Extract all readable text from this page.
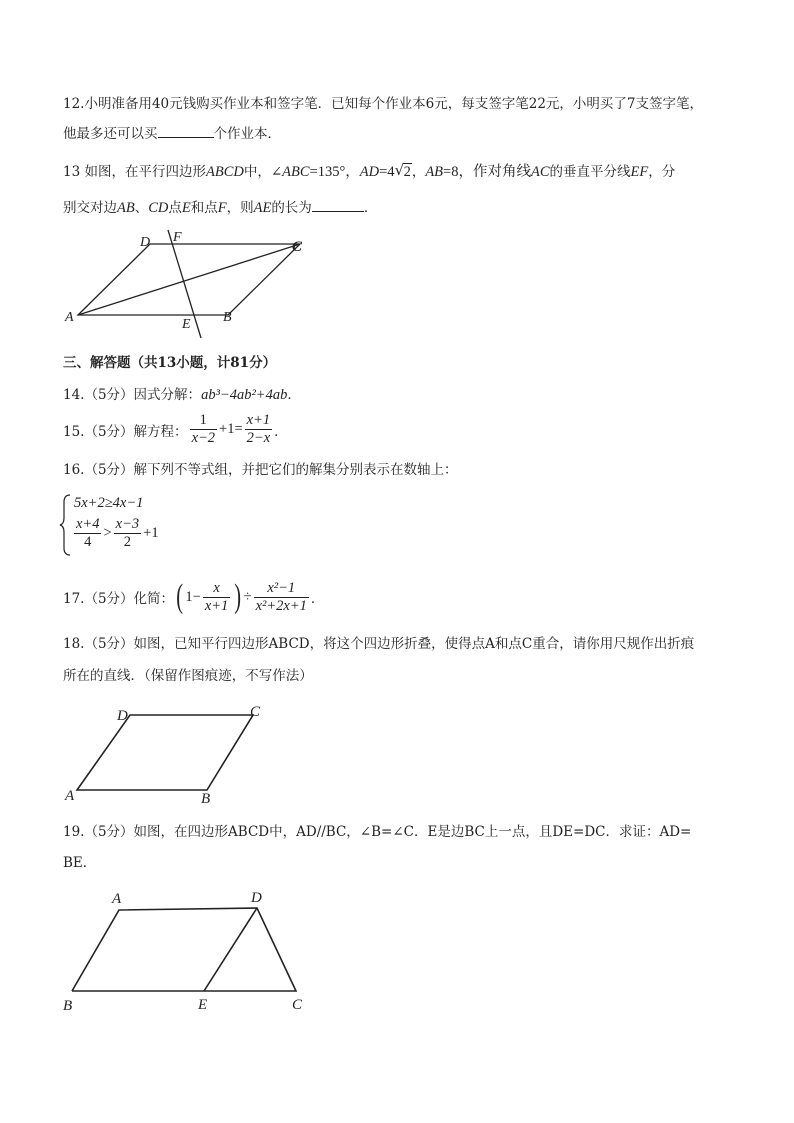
12.小明准备用40元钱购买作业本和签字笔．已知每个作业本6元，每支签字笔22元，小明买了7支签字笔，
他最多还可以买	个作业本．
13 如图，在平行四边形ABCD中，∠ABC=135°，AD=4 √ 2，AB=8，作对角线AC的垂直平分线EF，分
别交对边AB、CD点E和点F，则AE的长为	．
D F
C
A	E B
三、解答题（共13小题，计81分）
14.（5分）因式分解：ab³−4ab²+4ab．
15.（5分）解方程： $\frac{1}{x-2} +1= \frac{x+1}{2-x}$ ．
16.（5分）解下列不等式组，并把它们的解集分别表示在数轴上：
5x+2≥4x−1
$\frac{x+4}{4} > \frac{x-3}{2} +1$
17.（5分）化简： ( $1- \frac{x}{x+1}$ ) ÷ $\frac{\text{x²−1}}{\text{x²+2x+1}}$ ．
18.（5分）如图，已知平行四边形ABCD，将这个四边形折叠，使得点A和点C重合，请你用尺规作出折痕
所在的直线．（保留作图痕迹，不写作法）
D	C
A	B
19.（5分）如图，在四边形ABCD中，AD//BC，∠B=∠C．E是边BC上一点，且DE=DC．求证：AD=
BE．
A	D
B	E	C
